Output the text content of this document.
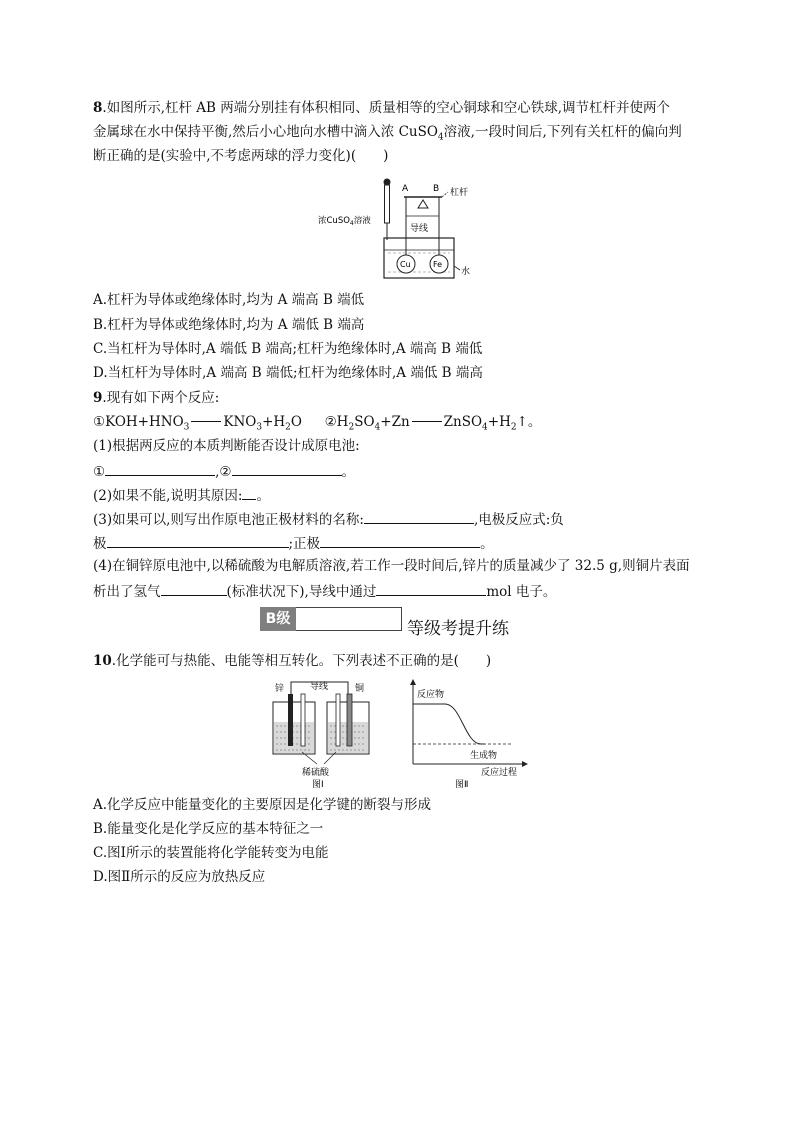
8.如图所示,杠杆 AB 两端分别挂有体积相同、质量相等的空心铜球和空心铁球,调节杠杆并使两个
金属球在水中保持平衡,然后小心地向水槽中滴入浓 CuSO$_4$溶液,一段时间后,下列有关杠杆的偏向判
断正确的是(实验中,不考虑两球的浮力变化)(　　)
A	B 杠杆
导线
浓CuSO$_4$溶液
Cu	Fe
水
A.杠杆为导体或绝缘体时,均为 A 端高 B 端低
B.杠杆为导体或绝缘体时,均为 A 端低 B 端高
C.当杠杆为导体时,A 端低 B 端高;杠杆为绝缘体时,A 端高 B 端低
D.当杠杆为导体时,A 端高 B 端低;杠杆为绝缘体时,A 端低 B 端高
9.现有如下两个反应:
$①KOH+HNO_3$	$KNO_3+H_2O$ $②H_2SO_4+Zn$	$ZnSO_4+H_2↑$。
(1)根据两反应的本质判断能否设计成原电池:
①	,②	。
(2)如果不能,说明其原因: 。
(3)如果可以,则写出作原电池正极材料的名称:	,电极反应式:负
极	;正极	。
(4)在铜锌原电池中,以稀硫酸为电解质溶液,若工作一段时间后,锌片的质量减少了 32.5 g,则铜片表面
析出了氢气	(标准状况下),导线中通过	mol 电子。
B级	等级考提升练
10.化学能可与热能、电能等相互转化。下列表述不正确的是(　　)
锌	导线	铜
稀硫酸
图Ⅰ
反应物
生成物
反应过程
图Ⅱ
A.化学反应中能量变化的主要原因是化学键的断裂与形成
B.能量变化是化学反应的基本特征之一
C.图Ⅰ所示的装置能将化学能转变为电能
D.图Ⅱ所示的反应为放热反应
